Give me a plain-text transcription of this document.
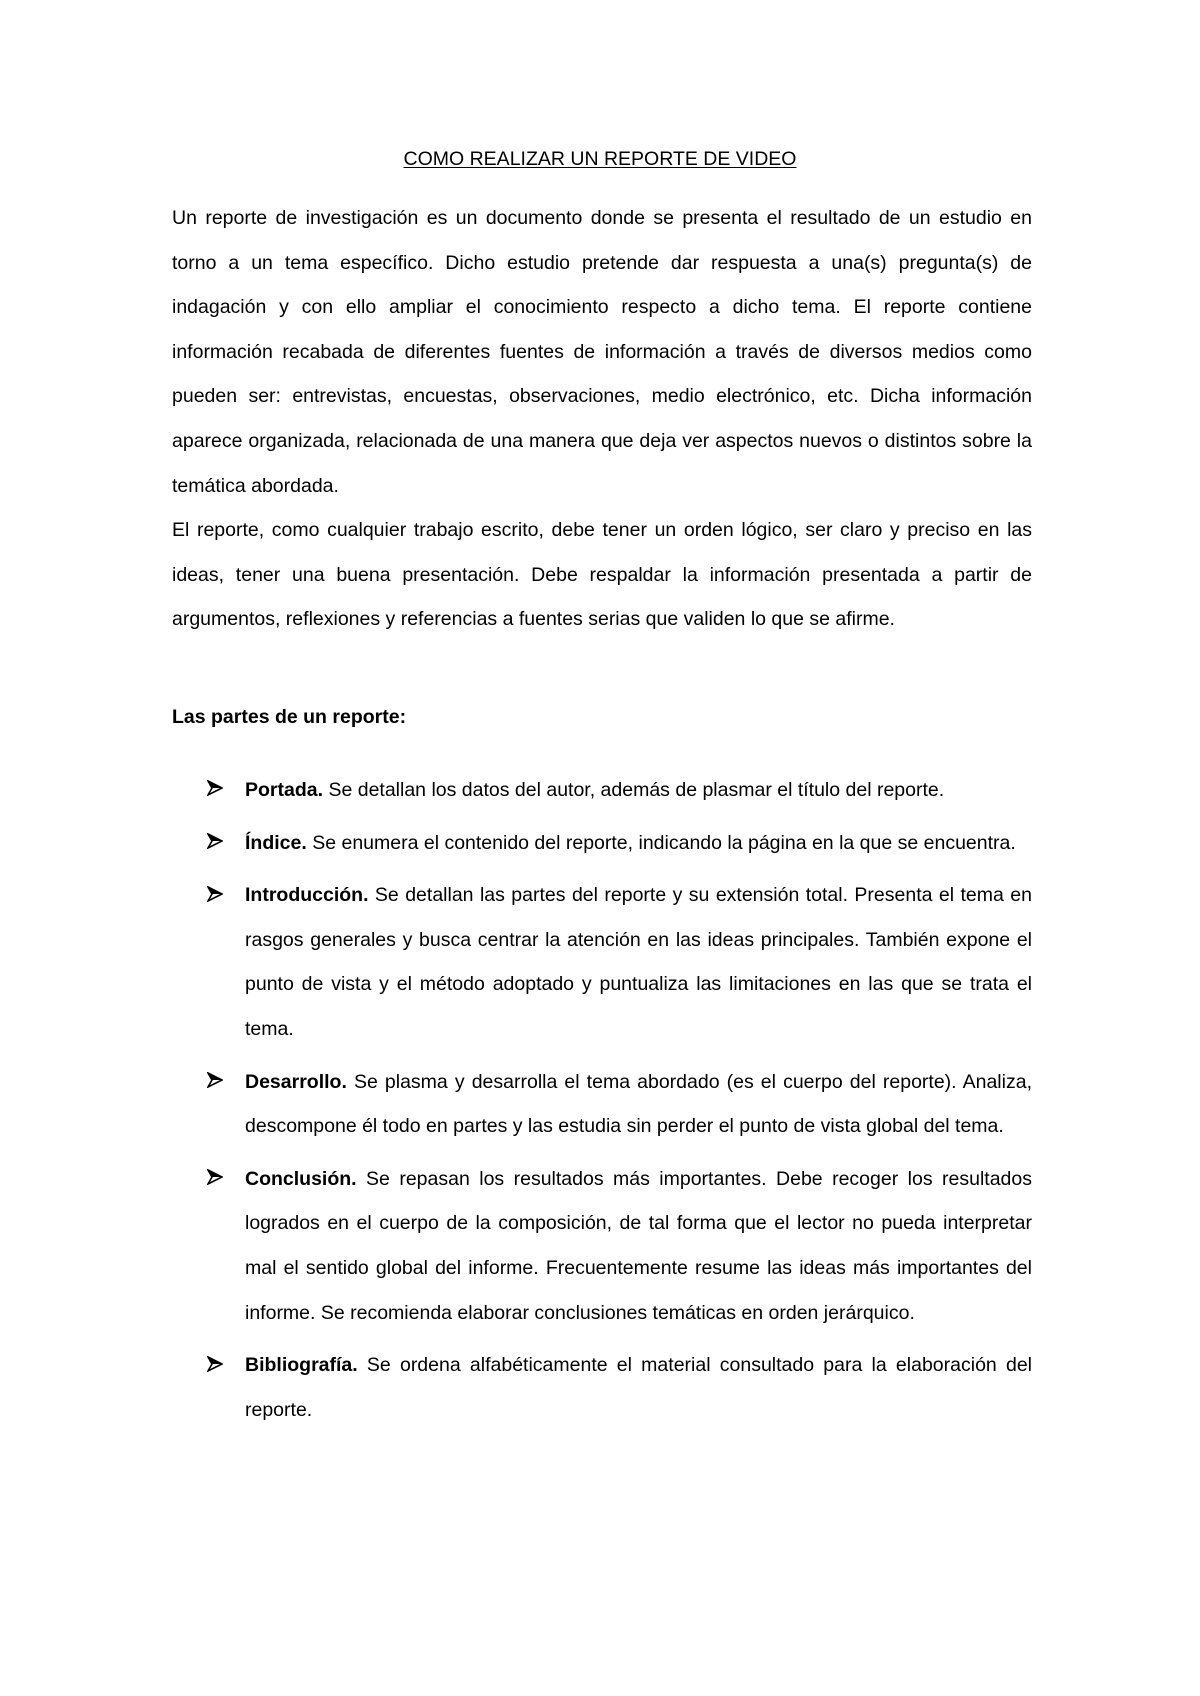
COMO REALIZAR UN REPORTE DE VIDEO
Un reporte de investigación es un documento donde se presenta el resultado de un estudio en torno a un tema específico. Dicho estudio pretende dar respuesta a una(s) pregunta(s) de indagación y con ello ampliar el conocimiento respecto a dicho tema. El reporte contiene información recabada de diferentes fuentes de información a través de diversos medios como pueden ser: entrevistas, encuestas, observaciones, medio electrónico, etc. Dicha información aparece organizada, relacionada de una manera que deja ver aspectos nuevos o distintos sobre la temática abordada.
El reporte, como cualquier trabajo escrito, debe tener un orden lógico, ser claro y preciso en las ideas, tener una buena presentación. Debe respaldar la información presentada a partir de argumentos, reflexiones y referencias a fuentes serias que validen lo que se afirme.
Las partes de un reporte:
Portada. Se detallan los datos del autor, además de plasmar el título del reporte.
Índice. Se enumera el contenido del reporte, indicando la página en la que se encuentra.
Introducción. Se detallan las partes del reporte y su extensión total. Presenta el tema en rasgos generales y busca centrar la atención en las ideas principales. También expone el punto de vista y el método adoptado y puntualiza las limitaciones en las que se trata el tema.
Desarrollo. Se plasma y desarrolla el tema abordado (es el cuerpo del reporte). Analiza, descompone él todo en partes y las estudia sin perder el punto de vista global del tema.
Conclusión. Se repasan los resultados más importantes. Debe recoger los resultados logrados en el cuerpo de la composición, de tal forma que el lector no pueda interpretar mal el sentido global del informe. Frecuentemente resume las ideas más importantes del informe. Se recomienda elaborar conclusiones temáticas en orden jerárquico.
Bibliografía. Se ordena alfabéticamente el material consultado para la elaboración del reporte.
